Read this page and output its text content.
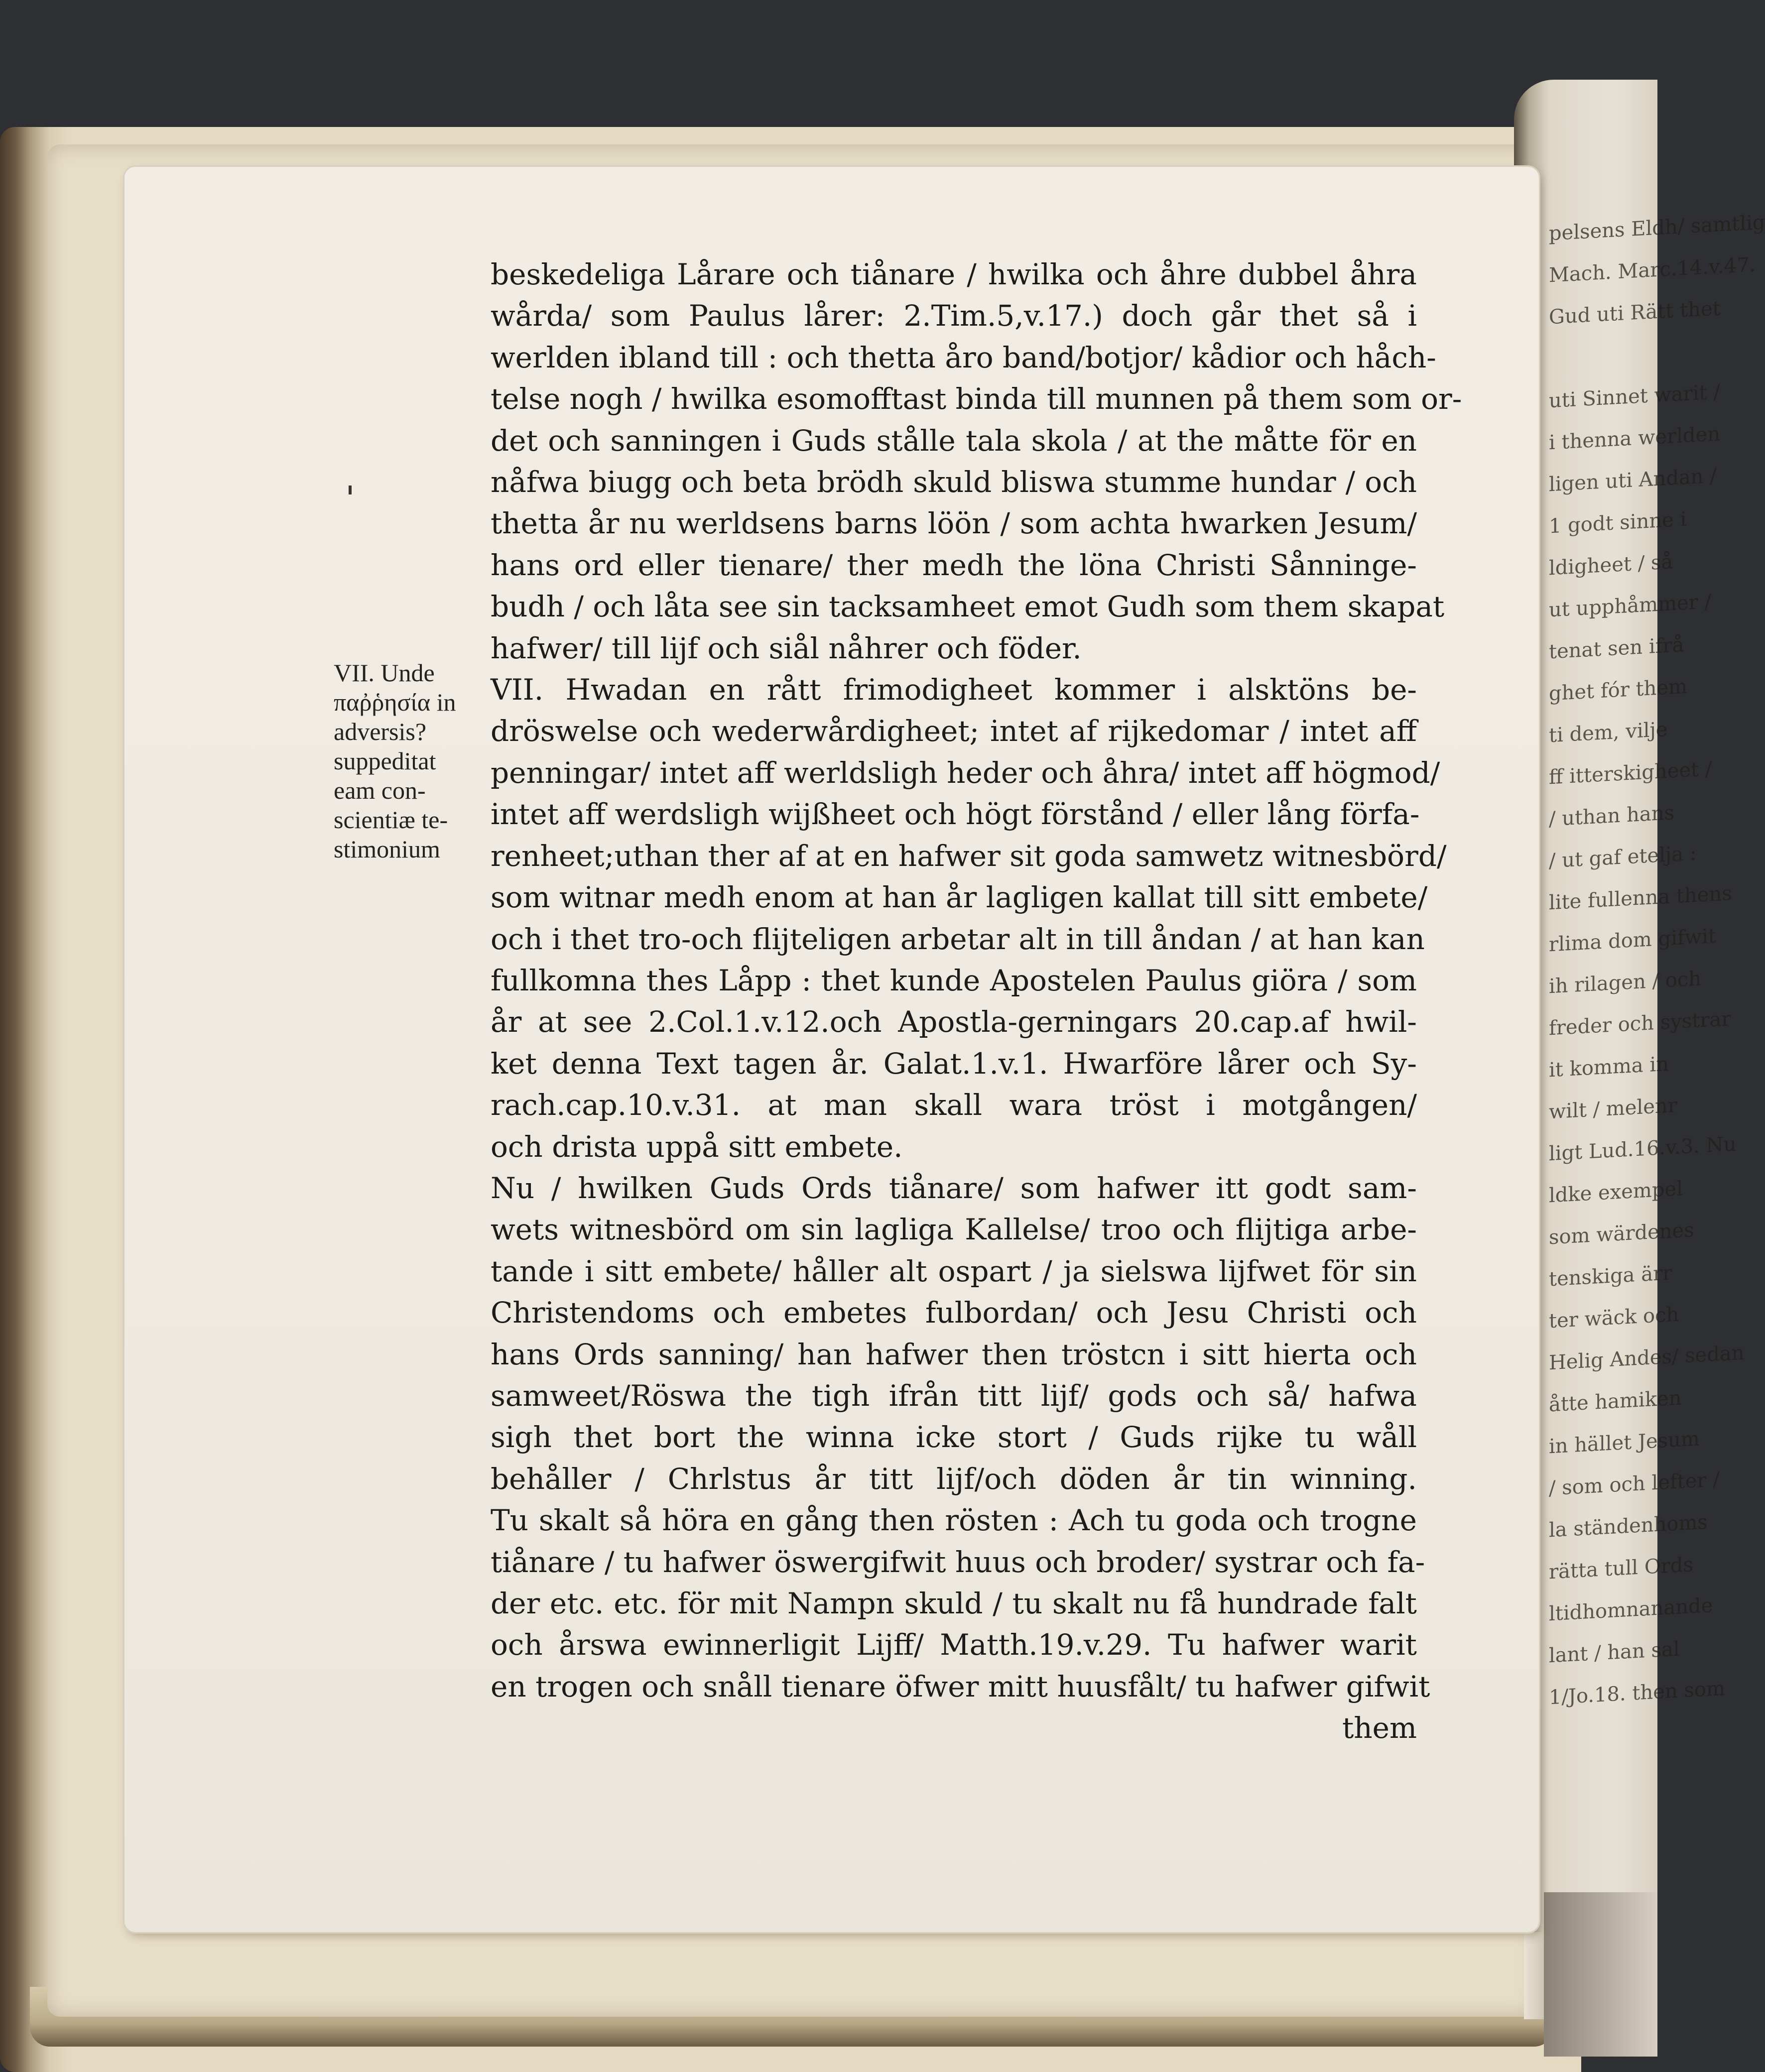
pelsens Eldh/ samtlig
Mach. Marc.14.v.47.
Gud uti Rätt thet
uti Sinnet warit /
i thenna werlden
ligen uti Andan /
1 godt sinne i
ldigheet / så
ut upphåmmer /
tenat sen ifrå
ghet fór them
ti dem, vilje
ff itterskigheet /
/ uthan hans
/ ut gaf etelja :
lite fullenna thens
rlima dom gifwit
ih rilagen / och
freder och systrar
it komma in
wilt / melenr
ligt Lud.16.v.3. Nu
ldke exempel
som wärdenes
tenskiga ärr
ter wäck och
Helig Andes/ sedan
åtte hamiken
in hället Jesum
/ som och lefter /
la ständenhoms
rätta tull Ords
ltidhomnanande
lant / han sal
1/Jo.18. then som
VII. Unde
παῤῥησία in
adversis?
suppeditat
eam con-
scientiæ te-
stimonium
beskedeliga Lårare och tiånare / hwilka och åhre dubbel åhra
wårda/ som Paulus lårer: 2.Tim.5,v.17.) doch går thet så i
werlden ibland till : och thetta åro band/botjor/ kådior och håch-
telse nogh / hwilka esomofftast binda till munnen på them som or-
det och sanningen i Guds stålle tala skola / at the måtte för en
nåfwa biugg och beta brödh skuld bliswa stumme hundar / och
thetta år nu werldsens barns löön / som achta hwarken Jesum/
hans ord eller tienare/ ther medh the löna Christi Sånninge-
budh / och låta see sin tacksamheet emot Gudh som them skapat
hafwer/ till lijf och siål nåhrer och föder.
VII. Hwadan en rått frimodigheet kommer i alsktöns be-
dröswelse och wederwårdigheet; intet af rijkedomar / intet aff
penningar/ intet aff werldsligh heder och åhra/ intet aff högmod/
intet aff werdsligh wijßheet och högt förstånd / eller lång förfa-
renheet;uthan ther af at en hafwer sit goda samwetz witnesbörd/
som witnar medh enom at han år lagligen kallat till sitt embete/
och i thet tro-och flijteligen arbetar alt in till åndan / at han kan
fullkomna thes Låpp : thet kunde Apostelen Paulus giöra / som
år at see 2.Col.1.v.12.och Apostla-gerningars 20.cap.af hwil-
ket denna Text tagen år. Galat.1.v.1. Hwarföre lårer och Sy-
rach.cap.10.v.31. at man skall wara tröst i motgången/
och drista uppå sitt embete.
Nu / hwilken Guds Ords tiånare/ som hafwer itt godt sam-
wets witnesbörd om sin lagliga Kallelse/ troo och flijtiga arbe-
tande i sitt embete/ håller alt ospart / ja sielswa lijfwet för sin
Christendoms och embetes fulbordan/ och Jesu Christi och
hans Ords sanning/ han hafwer then tröstcn i sitt hierta och
samweet/Röswa the tigh ifrån titt lijf/ gods och så/ hafwa
sigh thet bort the winna icke stort / Guds rijke tu wåll
behåller / Chrlstus år titt lijf/och döden år tin winning.
Tu skalt så höra en gång then rösten : Ach tu goda och trogne
tiånare / tu hafwer öswergifwit huus och broder/ systrar och fa-
der etc. etc. för mit Nampn skuld / tu skalt nu få hundrade falt
och årswa ewinnerligit Lijff/ Matth.19.v.29. Tu hafwer warit
en trogen och snåll tienare öfwer mitt huusfålt/ tu hafwer gifwit
them
